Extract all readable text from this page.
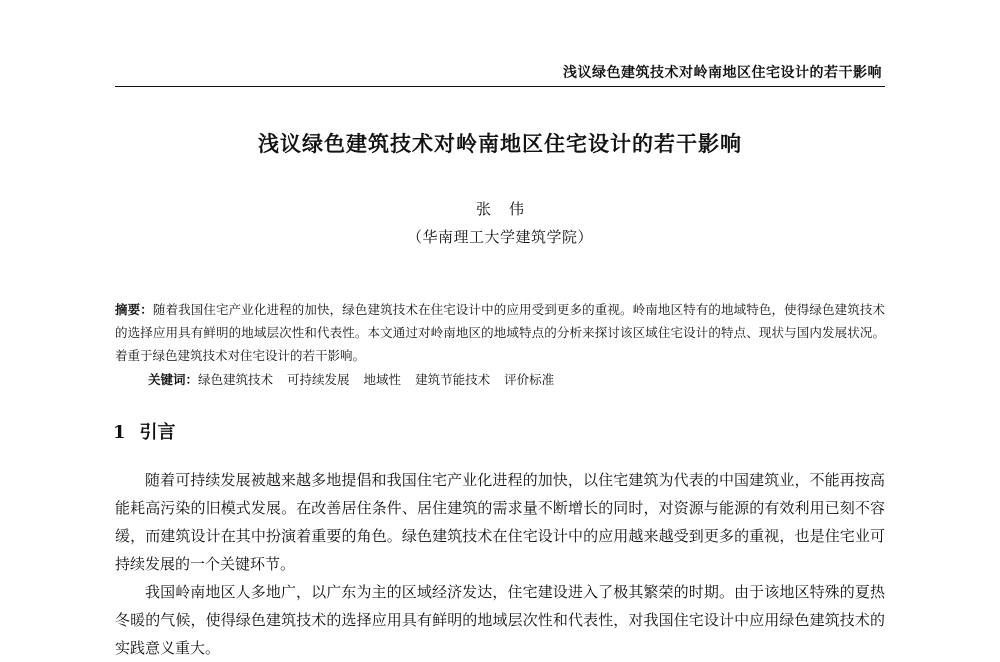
浅议绿色建筑技术对岭南地区住宅设计的若干影响
浅议绿色建筑技术对岭南地区住宅设计的若干影响
张伟
（华南理工大学建筑学院）
摘要：随着我国住宅产业化进程的加快，绿色建筑技术在住宅设计中的应用受到更多的重视。岭南地区特有的地域特色，使得绿色建筑技术的选择应用具有鲜明的地域层次性和代表性。本文通过对岭南地区的地域特点的分析来探讨该区域住宅设计的特点、现状与国内发展状况。着重于绿色建筑技术对住宅设计的若干影响。
关键词：绿色建筑技术 可持续发展 地域性 建筑节能技术 评价标准
1 引言

随着可持续发展被越来越多地提倡和我国住宅产业化进程的加快，以住宅建筑为代表的中国建筑业，不能再按高能耗高污染的旧模式发展。在改善居住条件、居住建筑的需求量不断增长的同时，对资源与能源的有效利用已刻不容缓，而建筑设计在其中扮演着重要的角色。绿色建筑技术在住宅设计中的应用越来越受到更多的重视，也是住宅业可持续发展的一个关键环节。

我国岭南地区人多地广，以广东为主的区域经济发达，住宅建设进入了极其繁荣的时期。由于该地区特殊的夏热冬暖的气候，使得绿色建筑技术的选择应用具有鲜明的地域层次性和代表性，对我国住宅设计中应用绿色建筑技术的实践意义重大。
